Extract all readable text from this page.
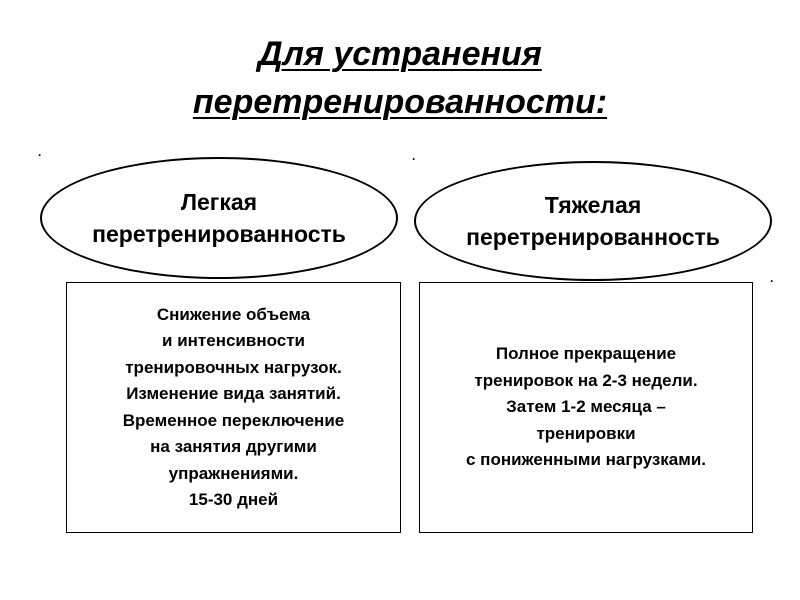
Для устранения
перетренированности:
.	.
.
Легкая
перетренированность
Тяжелая
перетренированность
Снижение объема
и интенсивности
тренировочных нагрузок.
Изменение вида занятий.
Временное переключение
на занятия другими
упражнениями.
15-30 дней
Полное прекращение
тренировок на 2-3 недели.
Затем 1-2 месяца –
тренировки
с пониженными нагрузками.
